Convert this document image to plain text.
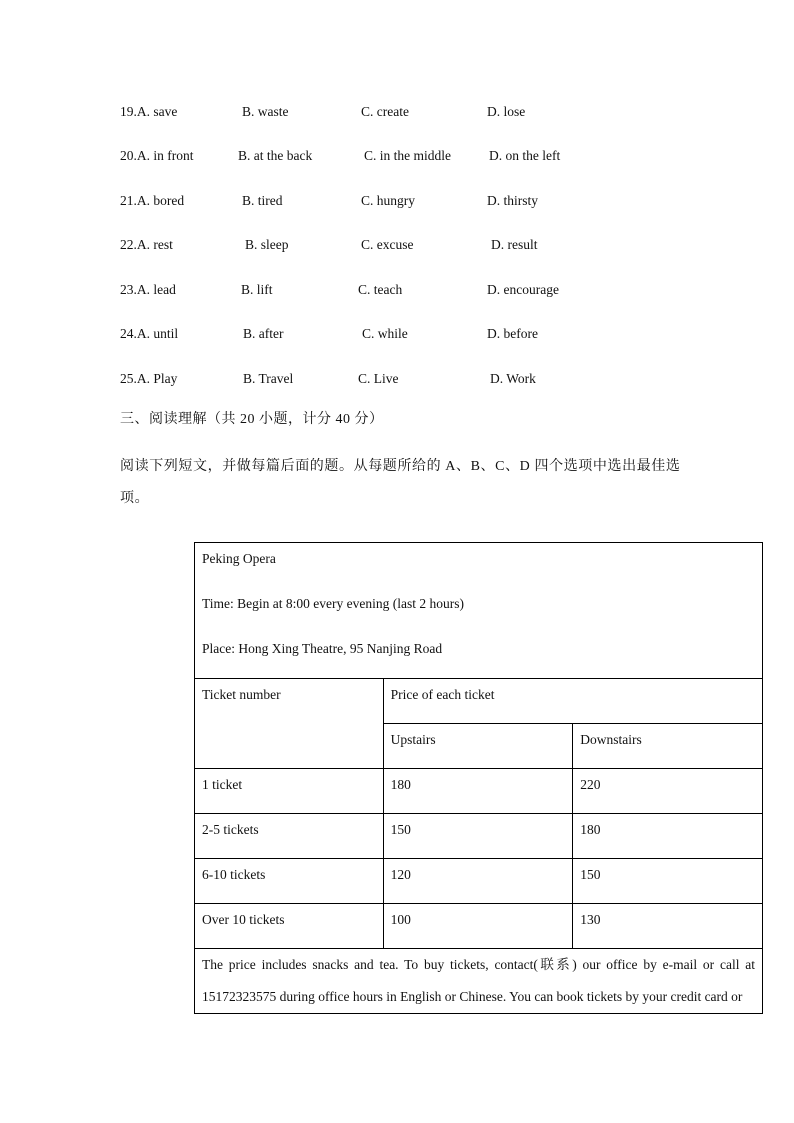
19.A. save	B. waste	C. create	D. lose
20.A. in front	B. at the back	C. in the middle	D. on the left
21.A. bored	B. tired	C. hungry	D. thirsty
22.A. rest	B. sleep	C. excuse	D. result
23.A. lead	B. lift	C. teach	D. encourage
24.A. until	B. after	C. while	D. before
25.A. Play	B. Travel	C. Live	D. Work
三、阅读理解（共 20 小题，计分 40 分）
阅读下列短文，并做每篇后面的题。从每题所给的 A、B、C、D 四个选项中选出最佳选项。

Peking Opera

Time: Begin at 8:00 every evening (last 2 hours)

Place: Hong Xing Theatre, 95 Nanjing Road		

Ticket number	Price of each ticket	
	Upstairs	Downstairs
1 ticket	180	220
2-5 tickets	150	180
6-10 tickets	120	150
Over 10 tickets	100	130
The price includes snacks and tea. To buy tickets, contact(联系) our office by e-mail or call at 15172323575 during office hours in English or Chinese. You can book tickets by your credit card or		
